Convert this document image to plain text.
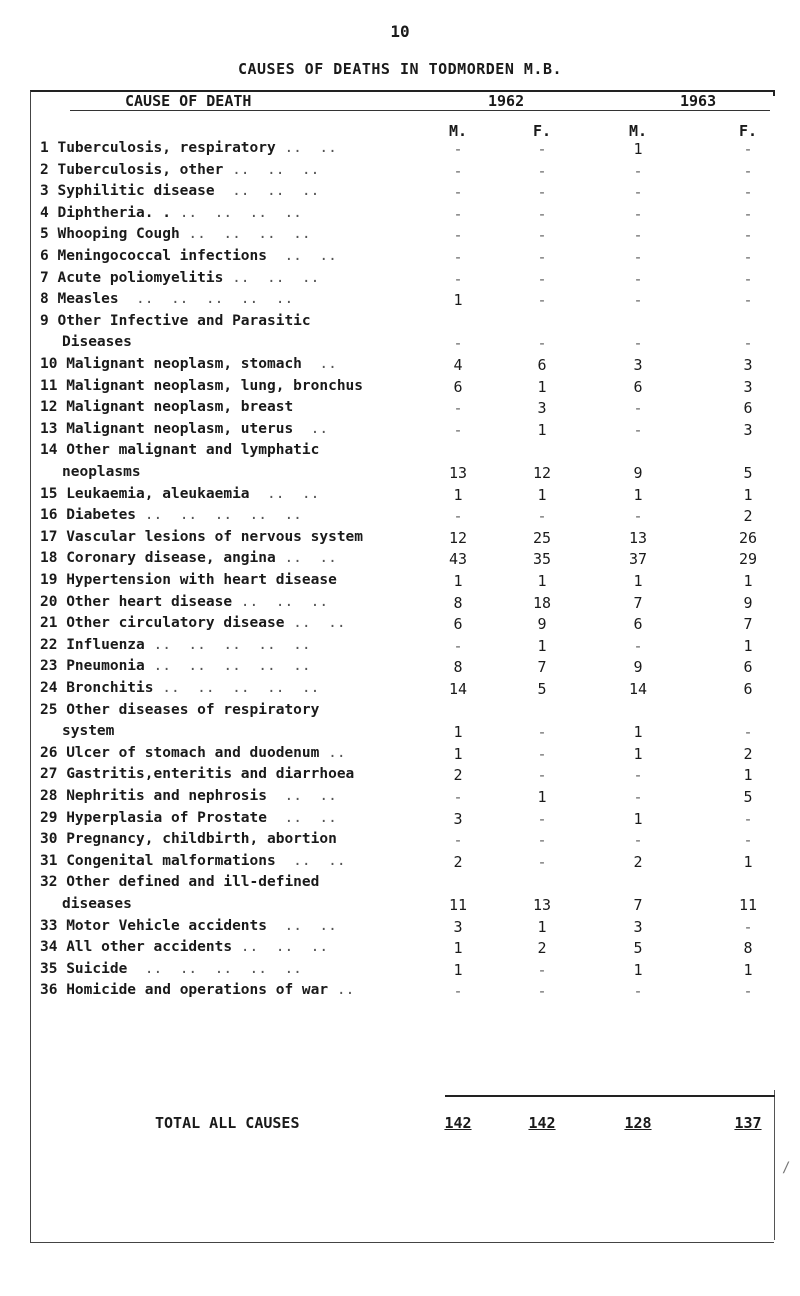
10
CAUSES OF DEATHS IN TODMORDEN M.B.
CAUSE OF DEATH	1962	1963
M.	F.	M.	F.
1 Tuberculosis, respiratory ..  ..	-	-	1	-
2 Tuberculosis, other ..  ..  ..	-	-	-	-
3 Syphilitic disease  ..  ..  ..	-	-	-	-
4 Diphtheria. . ..  ..  ..  ..	-	-	-	-
5 Whooping Cough ..  ..  ..  ..	-	-	-	-
6 Meningococcal infections  ..  ..	-	-	-	-
7 Acute poliomyelitis ..  ..  ..	-	-	-	-
8 Measles  ..  ..  ..  ..  ..	1	-	-	-
9 Other Infective and Parasitic
Diseases	-	-	-	-
10 Malignant neoplasm, stomach  ..	4	6	3	3
11 Malignant neoplasm, lung, bronchus	6	1	6	3
12 Malignant neoplasm, breast	-	3	-	6
13 Malignant neoplasm, uterus  ..	-	1	-	3
14 Other malignant and lymphatic
neoplasms	13	12	9	5
15 Leukaemia, aleukaemia  ..  ..	1	1	1	1
16 Diabetes ..  ..  ..  ..  ..	-	-	-	2
17 Vascular lesions of nervous system	12	25	13	26
18 Coronary disease, angina ..  ..	43	35	37	29
19 Hypertension with heart disease	1	1	1	1
20 Other heart disease ..  ..  ..	8	18	7	9
21 Other circulatory disease ..  ..	6	9	6	7
22 Influenza ..  ..  ..  ..  ..	-	1	-	1
23 Pneumonia ..  ..  ..  ..  ..	8	7	9	6
24 Bronchitis ..  ..  ..  ..  ..	14	5	14	6
25 Other diseases of respiratory
system	1	-	1	-
26 Ulcer of stomach and duodenum ..	1	-	1	2
27 Gastritis,enteritis and diarrhoea	2	-	-	1
28 Nephritis and nephrosis  ..  ..	-	1	-	5
29 Hyperplasia of Prostate  ..  ..	3	-	1	-
30 Pregnancy, childbirth, abortion	-	-	-	-
31 Congenital malformations  ..  ..	2	-	2	1
32 Other defined and ill-defined
diseases	11	13	7	11
33 Motor Vehicle accidents  ..  ..	3	1	3	-
34 All other accidents ..  ..  ..	1	2	5	8
35 Suicide  ..  ..  ..  ..  ..	1	-	1	1
36 Homicide and operations of war ..	-	-	-	-
TOTAL ALL CAUSES	142	142	128	137
/
